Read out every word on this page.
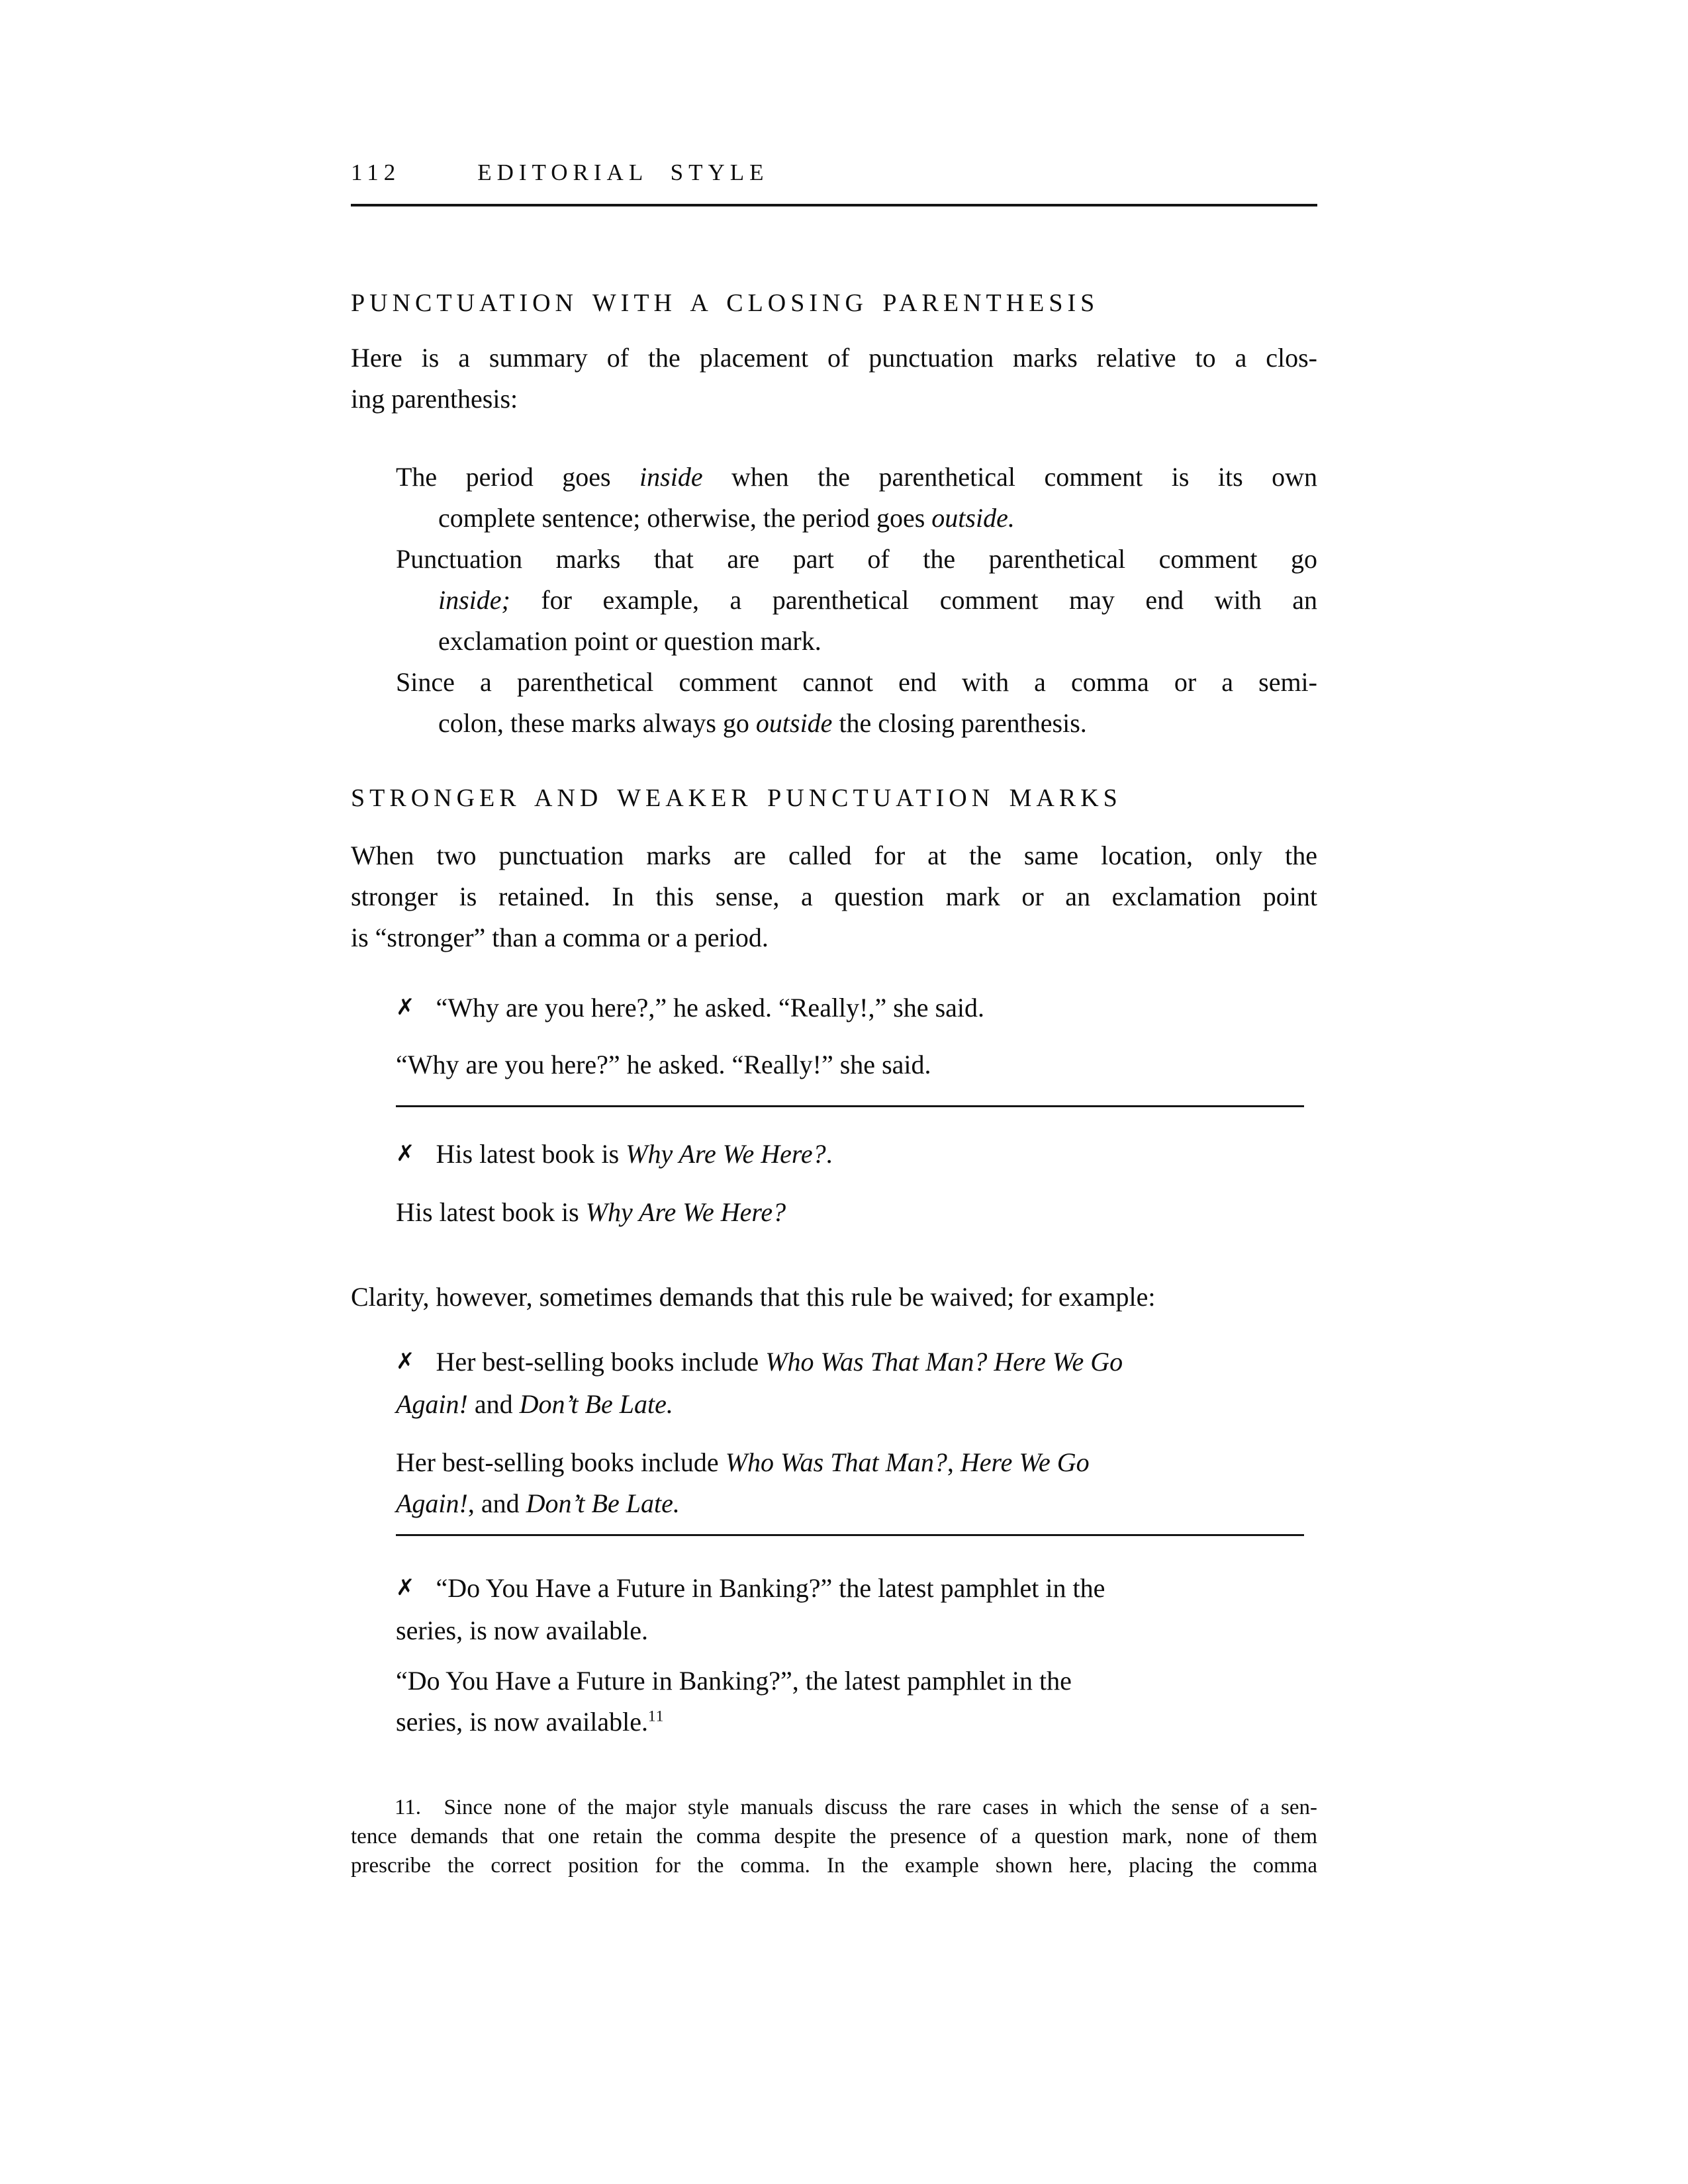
112	EDITORIAL STYLE
PUNCTUATION WITH A CLOSING PARENTHESIS
Here is a summary of the placement of punctuation marks relative to a clos-
ing parenthesis:
The period goes inside when the parenthetical comment is its own
complete sentence; otherwise, the period goes outside.
Punctuation marks that are part of the parenthetical comment go
inside; for example, a parenthetical comment may end with an
exclamation point or question mark.
Since a parenthetical comment cannot end with a comma or a semi-
colon, these marks always go outside the closing parenthesis.
STRONGER AND WEAKER PUNCTUATION MARKS
When two punctuation marks are called for at the same location, only the
stronger is retained. In this sense, a question mark or an exclamation point
is “stronger” than a comma or a period.
✗ “Why are you here?,” he asked. “Really!,” she said.
“Why are you here?” he asked. “Really!” she said.
✗ His latest book is Why Are We Here?.
His latest book is Why Are We Here?
Clarity, however, sometimes demands that this rule be waived; for example:
✗ Her best-selling books include Who Was That Man? Here We Go
Again! and Don’t Be Late.
Her best-selling books include Who Was That Man?, Here We Go
Again!, and Don’t Be Late.
✗ “Do You Have a Future in Banking?” the latest pamphlet in the
series, is now available.
“Do You Have a Future in Banking?”, the latest pamphlet in the
series, is now available.$^{11}$
11.  Since none of the major style manuals discuss the rare cases in which the sense of a sen-
tence demands that one retain the comma despite the presence of a question mark, none of them
prescribe the correct position for the comma. In the example shown here, placing the comma
